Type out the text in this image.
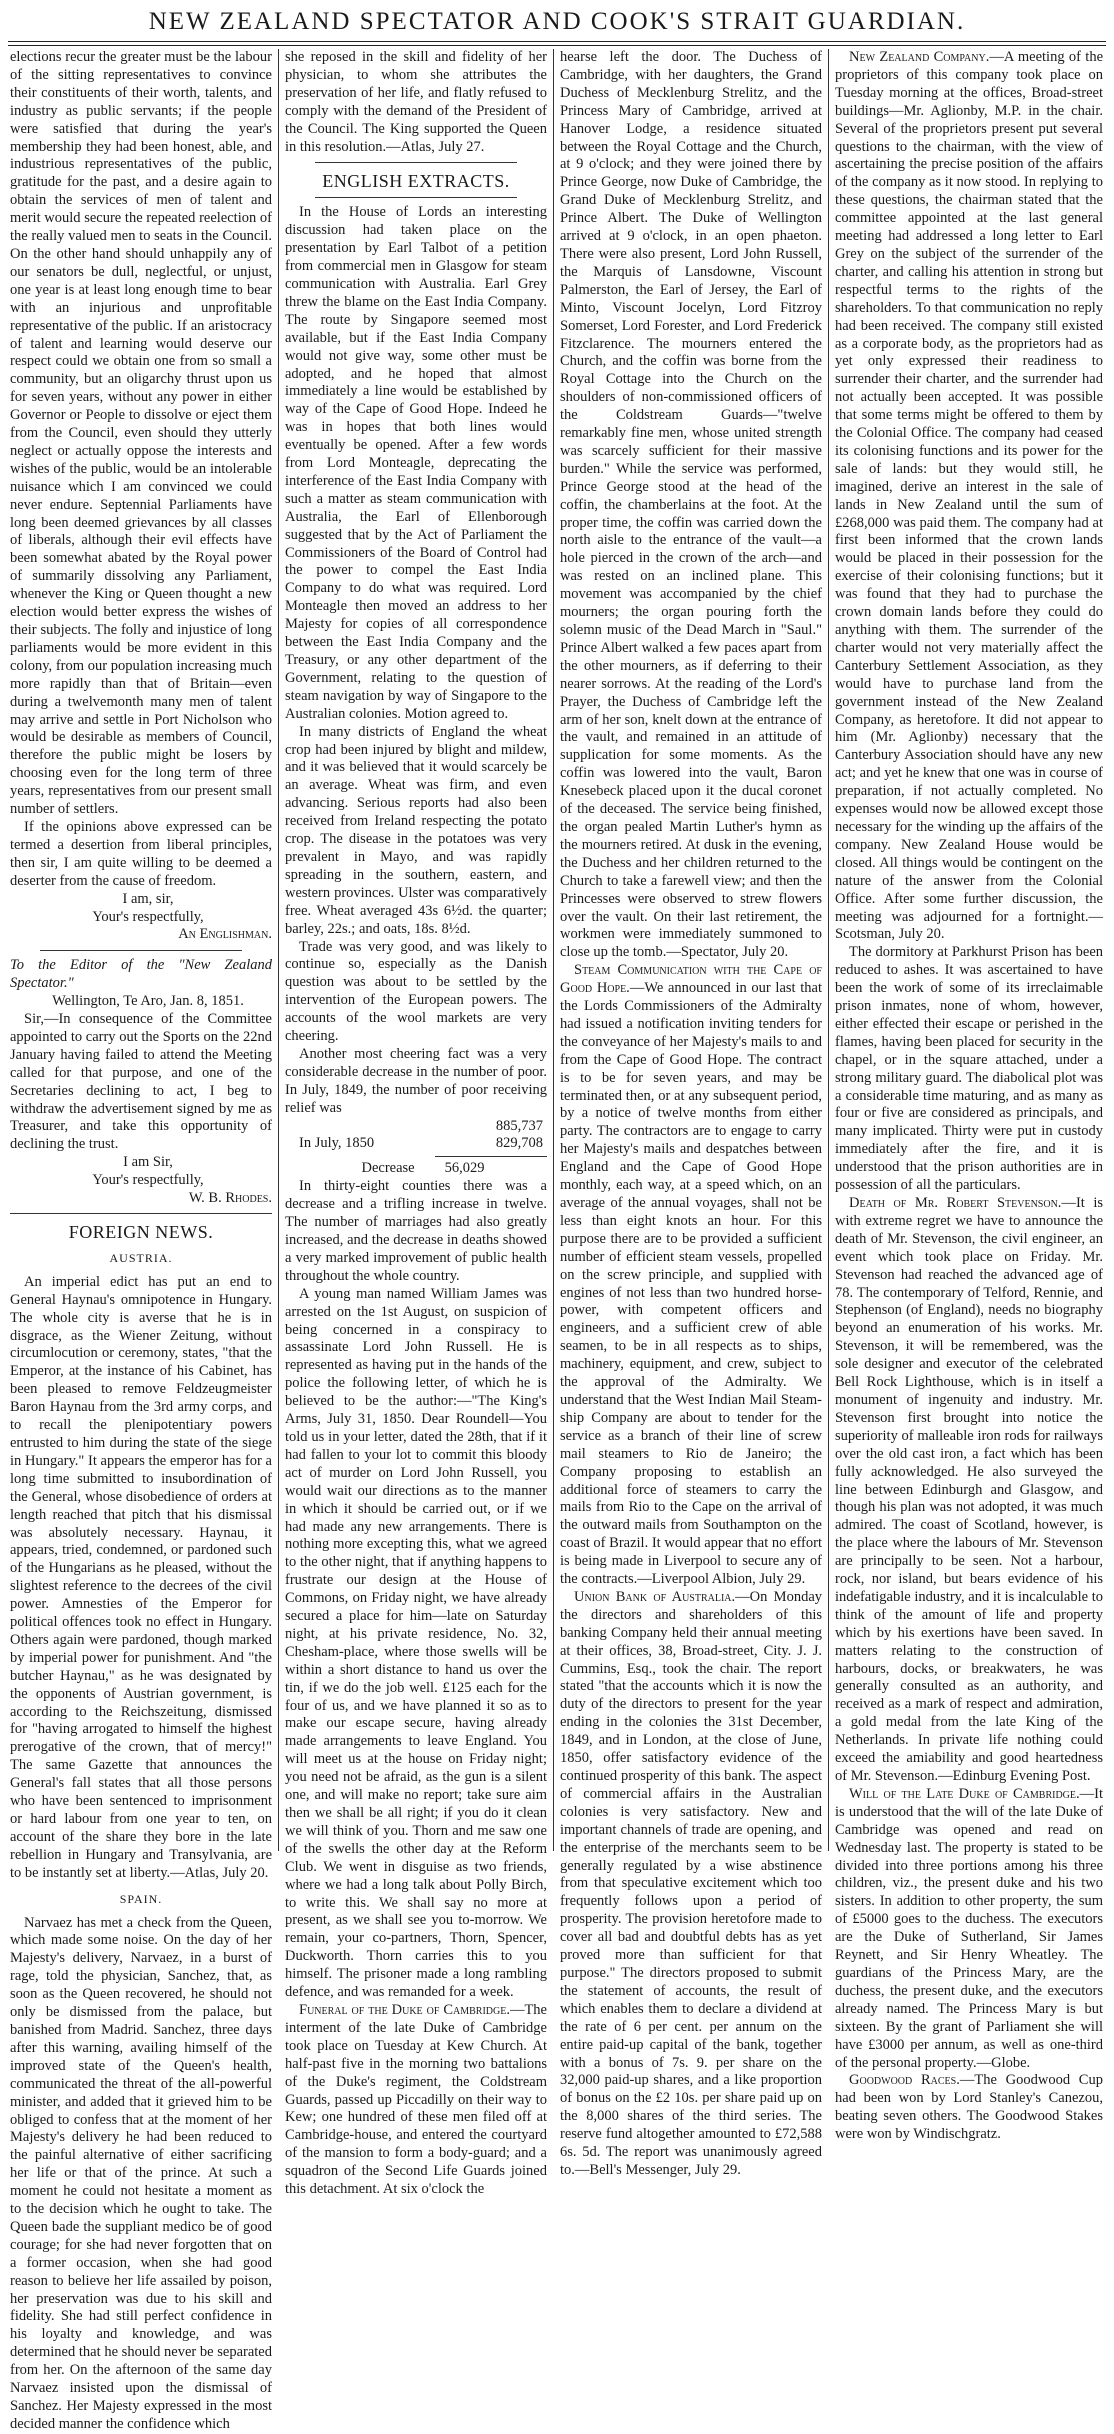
NEW ZEALAND SPECTATOR AND COOK'S STRAIT GUARDIAN.

elections recur the greater must be the labour of the sitting representatives to convince their constituents of their worth, talents, and industry as public servants; if the people were satisfied that during the year's membership they had been honest, able, and industrious representatives of the public, gratitude for the past, and a desire again to obtain the services of men of talent and merit would secure the repeated reelection of the really valued men to seats in the Council. On the other hand should unhappily any of our senators be dull, neglectful, or unjust, one year is at least long enough time to bear with an injurious and unprofitable representative of the public. If an aristocracy of talent and learning would deserve our respect could we obtain one from so small a community, but an oligarchy thrust upon us for seven years, without any power in either Governor or People to dissolve or eject them from the Council, even should they utterly neglect or actually oppose the interests and wishes of the public, would be an intolerable nuisance which I am convinced we could never endure. Septennial Parliaments have long been deemed grievances by all classes of liberals, although their evil effects have been somewhat abated by the Royal power of summarily dissolving any Parliament, whenever the King or Queen thought a new election would better express the wishes of their subjects. The folly and injustice of long parliaments would be more evident in this colony, from our population increasing much more rapidly than that of Britain—even during a twelvemonth many men of talent may arrive and settle in Port Nicholson who would be desirable as members of Council, therefore the public might be losers by choosing even for the long term of three years, representatives from our present small number of settlers.

If the opinions above expressed can be termed a desertion from liberal principles, then sir, I am quite willing to be deemed a deserter from the cause of freedom.

I am, sir,

Your's respectfully,

An Englishman.

To the Editor of the "New Zealand Spectator."

Wellington, Te Aro, Jan. 8, 1851.

Sir,—In consequence of the Committee appointed to carry out the Sports on the 22nd January having failed to attend the Meeting called for that purpose, and one of the Secretaries declining to act, I beg to withdraw the advertisement signed by me as Treasurer, and take this opportunity of declining the trust.

I am Sir,

Your's respectfully,

W. B. Rhodes.

FOREIGN NEWS.
AUSTRIA.

An imperial edict has put an end to General Haynau's omnipotence in Hungary. The whole city is averse that he is in disgrace, as the Wiener Zeitung, without circumlocution or ceremony, states, "that the Emperor, at the instance of his Cabinet, has been pleased to remove Feldzeugmeister Baron Haynau from the 3rd army corps, and to recall the plenipotentiary powers entrusted to him during the state of the siege in Hungary." It appears the emperor has for a long time submitted to insubordination of the General, whose disobedience of orders at length reached that pitch that his dismissal was absolutely necessary. Haynau, it appears, tried, condemned, or pardoned such of the Hungarians as he pleased, without the slightest reference to the decrees of the civil power. Amnesties of the Emperor for political offences took no effect in Hungary. Others again were pardoned, though marked by imperial power for punishment. And "the butcher Haynau," as he was designated by the opponents of Austrian government, is according to the Reichszeitung, dismissed for "having arrogated to himself the highest prerogative of the crown, that of mercy!" The same Gazette that announces the General's fall states that all those persons who have been sentenced to imprisonment or hard labour from one year to ten, on account of the share they bore in the late rebellion in Hungary and Transylvania, are to be instantly set at liberty.—Atlas, July 20.

SPAIN.

Narvaez has met a check from the Queen, which made some noise. On the day of her Majesty's delivery, Narvaez, in a burst of rage, told the physician, Sanchez, that, as soon as the Queen recovered, he should not only be dismissed from the palace, but banished from Madrid. Sanchez, three days after this warning, availing himself of the improved state of the Queen's health, communicated the threat of the all-powerful minister, and added that it grieved him to be obliged to confess that at the moment of her Majesty's delivery he had been reduced to the painful alternative of either sacrificing her life or that of the prince. At such a moment he could not hesitate a moment as to the decision which he ought to take. The Queen bade the suppliant medico be of good courage; for she had never forgotten that on a former occasion, when she had good reason to believe her life assailed by poison, her preservation was due to his skill and fidelity. She had still perfect confidence in his loyalty and knowledge, and was determined that he should never be separated from her. On the afternoon of the same day Narvaez insisted upon the dismissal of Sanchez. Her Majesty expressed in the most decided manner the confidence which

she reposed in the skill and fidelity of her physician, to whom she attributes the preservation of her life, and flatly refused to comply with the demand of the President of the Council. The King supported the Queen in this resolution.—Atlas, July 27.

ENGLISH EXTRACTS.

In the House of Lords an interesting discussion had taken place on the presentation by Earl Talbot of a petition from commercial men in Glasgow for steam communication with Australia. Earl Grey threw the blame on the East India Company. The route by Singapore seemed most available, but if the East India Company would not give way, some other must be adopted, and he hoped that almost immediately a line would be established by way of the Cape of Good Hope. Indeed he was in hopes that both lines would eventually be opened. After a few words from Lord Monteagle, deprecating the interference of the East India Company with such a matter as steam communication with Australia, the Earl of Ellenborough suggested that by the Act of Parliament the Commissioners of the Board of Control had the power to compel the East India Company to do what was required. Lord Monteagle then moved an address to her Majesty for copies of all correspondence between the East India Company and the Treasury, or any other department of the Government, relating to the question of steam navigation by way of Singapore to the Australian colonies. Motion agreed to.

In many districts of England the wheat crop had been injured by blight and mildew, and it was believed that it would scarcely be an average. Wheat was firm, and even advancing. Serious reports had also been received from Ireland respecting the potato crop. The disease in the potatoes was very prevalent in Mayo, and was rapidly spreading in the southern, eastern, and western provinces. Ulster was comparatively free. Wheat averaged 43s 6½d. the quarter; barley, 22s.; and oats, 18s. 8½d.

Trade was very good, and was likely to continue so, especially as the Danish question was about to be settled by the intervention of the European powers. The accounts of the wool markets are very cheering.

Another most cheering fact was a very considerable decrease in the number of poor. In July, 1849, the number of poor receiving relief was

885,737

In July, 1850	829,708

Decrease 56,029

In thirty-eight counties there was a decrease and a trifling increase in twelve. The number of marriages had also greatly increased, and the decrease in deaths showed a very marked improvement of public health throughout the whole country.

A young man named William James was arrested on the 1st August, on suspicion of being concerned in a conspiracy to assassinate Lord John Russell. He is represented as having put in the hands of the police the following letter, of which he is believed to be the author:—"The King's Arms, July 31, 1850. Dear Roundell—You told us in your letter, dated the 28th, that if it had fallen to your lot to commit this bloody act of murder on Lord John Russell, you would wait our directions as to the manner in which it should be carried out, or if we had made any new arrangements. There is nothing more excepting this, what we agreed to the other night, that if anything happens to frustrate our design at the House of Commons, on Friday night, we have already secured a place for him—late on Saturday night, at his private residence, No. 32, Chesham-place, where those swells will be within a short distance to hand us over the tin, if we do the job well. £125 each for the four of us, and we have planned it so as to make our escape secure, having already made arrangements to leave England. You will meet us at the house on Friday night; you need not be afraid, as the gun is a silent one, and will make no report; take sure aim then we shall be all right; if you do it clean we will think of you. Thorn and me saw one of the swells the other day at the Reform Club. We went in disguise as two friends, where we had a long talk about Polly Birch, to write this. We shall say no more at present, as we shall see you to-morrow. We remain, your co-partners, Thorn, Spencer, Duckworth. Thorn carries this to you himself. The prisoner made a long rambling defence, and was remanded for a week.

Funeral of the Duke of Cambridge.—The interment of the late Duke of Cambridge took place on Tuesday at Kew Church. At half-past five in the morning two battalions of the Duke's regiment, the Coldstream Guards, passed up Piccadilly on their way to Kew; one hundred of these men filed off at Cambridge-house, and entered the courtyard of the mansion to form a body-guard; and a squadron of the Second Life Guards joined this detachment. At six o'clock the

hearse left the door. The Duchess of Cambridge, with her daughters, the Grand Duchess of Mecklenburg Strelitz, and the Princess Mary of Cambridge, arrived at Hanover Lodge, a residence situated between the Royal Cottage and the Church, at 9 o'clock; and they were joined there by Prince George, now Duke of Cambridge, the Grand Duke of Mecklenburg Strelitz, and Prince Albert. The Duke of Wellington arrived at 9 o'clock, in an open phaeton. There were also present, Lord John Russell, the Marquis of Lansdowne, Viscount Palmerston, the Earl of Jersey, the Earl of Minto, Viscount Jocelyn, Lord Fitzroy Somerset, Lord Forester, and Lord Frederick Fitzclarence. The mourners entered the Church, and the coffin was borne from the Royal Cottage into the Church on the shoulders of non-commissioned officers of the Coldstream Guards—"twelve remarkably fine men, whose united strength was scarcely sufficient for their massive burden." While the service was performed, Prince George stood at the head of the coffin, the chamberlains at the foot. At the proper time, the coffin was carried down the north aisle to the entrance of the vault—a hole pierced in the crown of the arch—and was rested on an inclined plane. This movement was accompanied by the chief mourners; the organ pouring forth the solemn music of the Dead March in "Saul." Prince Albert walked a few paces apart from the other mourners, as if deferring to their nearer sorrows. At the reading of the Lord's Prayer, the Duchess of Cambridge left the arm of her son, knelt down at the entrance of the vault, and remained in an attitude of supplication for some moments. As the coffin was lowered into the vault, Baron Knesebeck placed upon it the ducal coronet of the deceased. The service being finished, the organ pealed Martin Luther's hymn as the mourners retired. At dusk in the evening, the Duchess and her children returned to the Church to take a farewell view; and then the Princesses were observed to strew flowers over the vault. On their last retirement, the workmen were immediately summoned to close up the tomb.—Spectator, July 20.

Steam Communication with the Cape of Good Hope.—We announced in our last that the Lords Commissioners of the Admiralty had issued a notification inviting tenders for the conveyance of her Majesty's mails to and from the Cape of Good Hope. The contract is to be for seven years, and may be terminated then, or at any subsequent period, by a notice of twelve months from either party. The contractors are to engage to carry her Majesty's mails and despatches between England and the Cape of Good Hope monthly, each way, at a speed which, on an average of the annual voyages, shall not be less than eight knots an hour. For this purpose there are to be provided a sufficient number of efficient steam vessels, propelled on the screw principle, and supplied with engines of not less than two hundred horse-power, with competent officers and engineers, and a sufficient crew of able seamen, to be in all respects as to ships, machinery, equipment, and crew, subject to the approval of the Admiralty. We understand that the West Indian Mail Steam-ship Company are about to tender for the service as a branch of their line of screw mail steamers to Rio de Janeiro; the Company proposing to establish an additional force of steamers to carry the mails from Rio to the Cape on the arrival of the outward mails from Southampton on the coast of Brazil. It would appear that no effort is being made in Liverpool to secure any of the contracts.—Liverpool Albion, July 29.

Union Bank of Australia.—On Monday the directors and shareholders of this banking Company held their annual meeting at their offices, 38, Broad-street, City. J. J. Cummins, Esq., took the chair. The report stated "that the accounts which it is now the duty of the directors to present for the year ending in the colonies the 31st December, 1849, and in London, at the close of June, 1850, offer satisfactory evidence of the continued prosperity of this bank. The aspect of commercial affairs in the Australian colonies is very satisfactory. New and important channels of trade are opening, and the enterprise of the merchants seem to be generally regulated by a wise abstinence from that speculative excitement which too frequently follows upon a period of prosperity. The provision heretofore made to cover all bad and doubtful debts has as yet proved more than sufficient for that purpose." The directors proposed to submit the statement of accounts, the result of which enables them to declare a dividend at the rate of 6 per cent. per annum on the entire paid-up capital of the bank, together with a bonus of 7s. 9. per share on the 32,000 paid-up shares, and a like proportion of bonus on the £2 10s. per share paid up on the 8,000 shares of the third series. The reserve fund altogether amounted to £72,588 6s. 5d. The report was unanimously agreed to.—Bell's Messenger, July 29.

New Zealand Company.—A meeting of the proprietors of this company took place on Tuesday morning at the offices, Broad-street buildings—Mr. Aglionby, M.P. in the chair. Several of the proprietors present put several questions to the chairman, with the view of ascertaining the precise position of the affairs of the company as it now stood. In replying to these questions, the chairman stated that the committee appointed at the last general meeting had addressed a long letter to Earl Grey on the subject of the surrender of the charter, and calling his attention in strong but respectful terms to the rights of the shareholders. To that communication no reply had been received. The company still existed as a corporate body, as the proprietors had as yet only expressed their readiness to surrender their charter, and the surrender had not actually been accepted. It was possible that some terms might be offered to them by the Colonial Office. The company had ceased its colonising functions and its power for the sale of lands: but they would still, he imagined, derive an interest in the sale of lands in New Zealand until the sum of £268,000 was paid them. The company had at first been informed that the crown lands would be placed in their possession for the exercise of their colonising functions; but it was found that they had to purchase the crown domain lands before they could do anything with them. The surrender of the charter would not very materially affect the Canterbury Settlement Association, as they would have to purchase land from the government instead of the New Zealand Company, as heretofore. It did not appear to him (Mr. Aglionby) necessary that the Canterbury Association should have any new act; and yet he knew that one was in course of preparation, if not actually completed. No expenses would now be allowed except those necessary for the winding up the affairs of the company. New Zealand House would be closed. All things would be contingent on the nature of the answer from the Colonial Office. After some further discussion, the meeting was adjourned for a fortnight.—Scotsman, July 20.

The dormitory at Parkhurst Prison has been reduced to ashes. It was ascertained to have been the work of some of its irreclaimable prison inmates, none of whom, however, either effected their escape or perished in the flames, having been placed for security in the chapel, or in the square attached, under a strong military guard. The diabolical plot was a considerable time maturing, and as many as four or five are considered as principals, and many implicated. Thirty were put in custody immediately after the fire, and it is understood that the prison authorities are in possession of all the particulars.

Death of Mr. Robert Stevenson.—It is with extreme regret we have to announce the death of Mr. Stevenson, the civil engineer, an event which took place on Friday. Mr. Stevenson had reached the advanced age of 78. The contemporary of Telford, Rennie, and Stephenson (of England), needs no biography beyond an enumeration of his works. Mr. Stevenson, it will be remembered, was the sole designer and executor of the celebrated Bell Rock Lighthouse, which is in itself a monument of ingenuity and industry. Mr. Stevenson first brought into notice the superiority of malleable iron rods for railways over the old cast iron, a fact which has been fully acknowledged. He also surveyed the line between Edinburgh and Glasgow, and though his plan was not adopted, it was much admired. The coast of Scotland, however, is the place where the labours of Mr. Stevenson are principally to be seen. Not a harbour, rock, nor island, but bears evidence of his indefatigable industry, and it is incalculable to think of the amount of life and property which by his exertions have been saved. In matters relating to the construction of harbours, docks, or breakwaters, he was generally consulted as an authority, and received as a mark of respect and admiration, a gold medal from the late King of the Netherlands. In private life nothing could exceed the amiability and good heartedness of Mr. Stevenson.—Edinburg Evening Post.

Will of the Late Duke of Cambridge.—It is understood that the will of the late Duke of Cambridge was opened and read on Wednesday last. The property is stated to be divided into three portions among his three children, viz., the present duke and his two sisters. In addition to other property, the sum of £5000 goes to the duchess. The executors are the Duke of Sutherland, Sir James Reynett, and Sir Henry Wheatley. The guardians of the Princess Mary, are the duchess, the present duke, and the executors already named. The Princess Mary is but sixteen. By the grant of Parliament she will have £3000 per annum, as well as one-third of the personal property.—Globe.

Goodwood Races.—The Goodwood Cup had been won by Lord Stanley's Canezou, beating seven others. The Goodwood Stakes were won by Windischgratz.
